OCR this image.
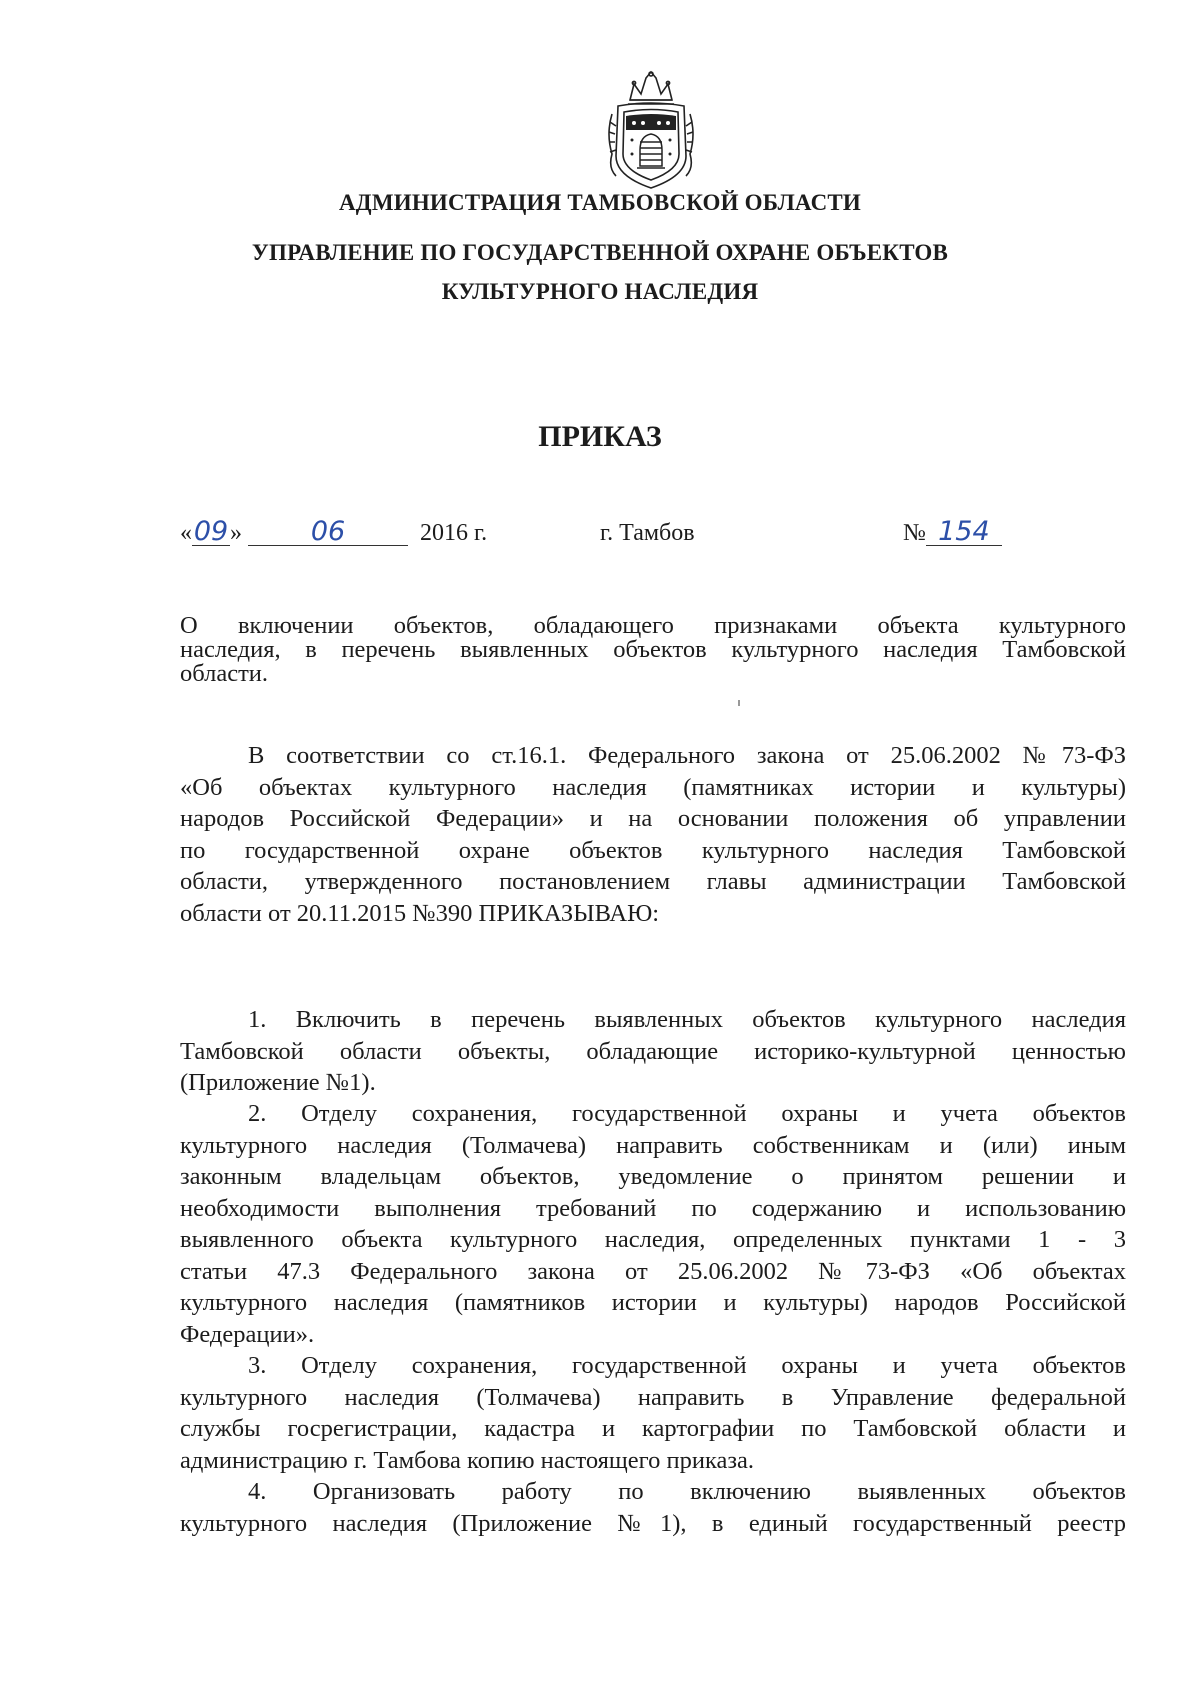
АДМИНИСТРАЦИЯ ТАМБОВСКОЙ ОБЛАСТИ
УПРАВЛЕНИЕ ПО ГОСУДАРСТВЕННОЙ ОХРАНЕ ОБЪЕКТОВ
КУЛЬТУРНОГО НАСЛЕДИЯ
ПРИКАЗ
«09»	06	2016 г.	г. Тамбов	№ 154
О включении объектов, обладающего признаками объекта культурного
наследия, в перечень выявленных объектов культурного наследия Тамбовской
области.
В соответствии со ст.16.1. Федерального закона от 25.06.2002 №73-ФЗ
«Об объектах культурного наследия (памятниках истории и культуры)
народов Российской Федерации» и на основании положения об управлении
по государственной охране объектов культурного наследия Тамбовской
области, утвержденного постановлением главы администрации Тамбовской
области от 20.11.2015 №390 ПРИКАЗЫВАЮ:
1. Включить в перечень выявленных объектов культурного наследия
Тамбовской области объекты, обладающие историко-культурной ценностью
(Приложение №1).
2. Отделу сохранения, государственной охраны и учета объектов
культурного наследия (Толмачева) направить собственникам и (или) иным
законным владельцам объектов, уведомление о принятом решении и
необходимости выполнения требований по содержанию и использованию
выявленного объекта культурного наследия, определенных пунктами 1 - 3
статьи 47.3 Федерального закона от 25.06.2002 №73-ФЗ «Об объектах
культурного наследия (памятников истории и культуры) народов Российской
Федерации».
3. Отделу сохранения, государственной охраны и учета объектов
культурного наследия (Толмачева) направить в Управление федеральной
службы госрегистрации, кадастра и картографии по Тамбовской области и
администрацию г. Тамбова копию настоящего приказа.
4. Организовать работу по включению выявленных объектов
культурного наследия (Приложение №1), в единый государственный реестр
